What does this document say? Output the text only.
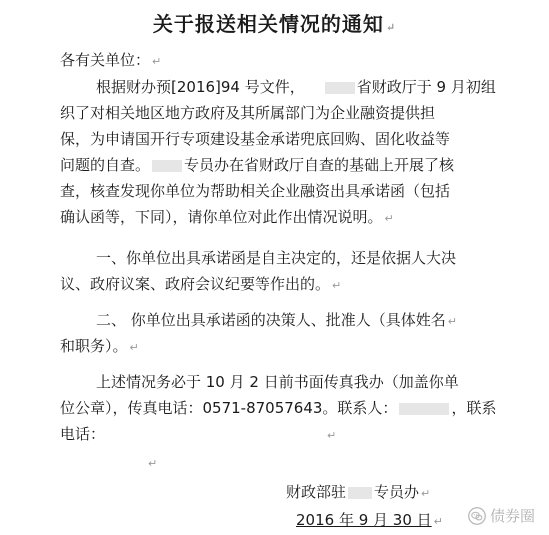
关于报送相关情况的通知 ↵
各有关单位： ↵
根据财办预[2016]94 号文件，	省财政厅于 9 月初组
织了对相关地区地方政府及其所属部门为企业融资提供担
保，为申请国开行专项建设基金承诺兜底回购、固化收益等
问题的自查。 专员办在省财政厅自查的基础上开展了核
查，核查发现你单位为帮助相关企业融资出具承诺函（包括
确认函等，下同），请你单位对此作出情况说明。 ↵
一、你单位出具承诺函是自主决定的，还是依据人大决
议、政府议案、政府会议纪要等作出的。 ↵
二、 你单位出具承诺函的决策人、批准人（具体姓名 ↵
和职务）。 ↵
上述情况务必于 10 月 2 日前书面传真我办（加盖你单
位公章），传真电话：0571-87057643。联系人：	，联系
电话：	↵
↵
财政部驻 专员办 ↵
2016 年 9 月 30 日 ↵	债券圈
